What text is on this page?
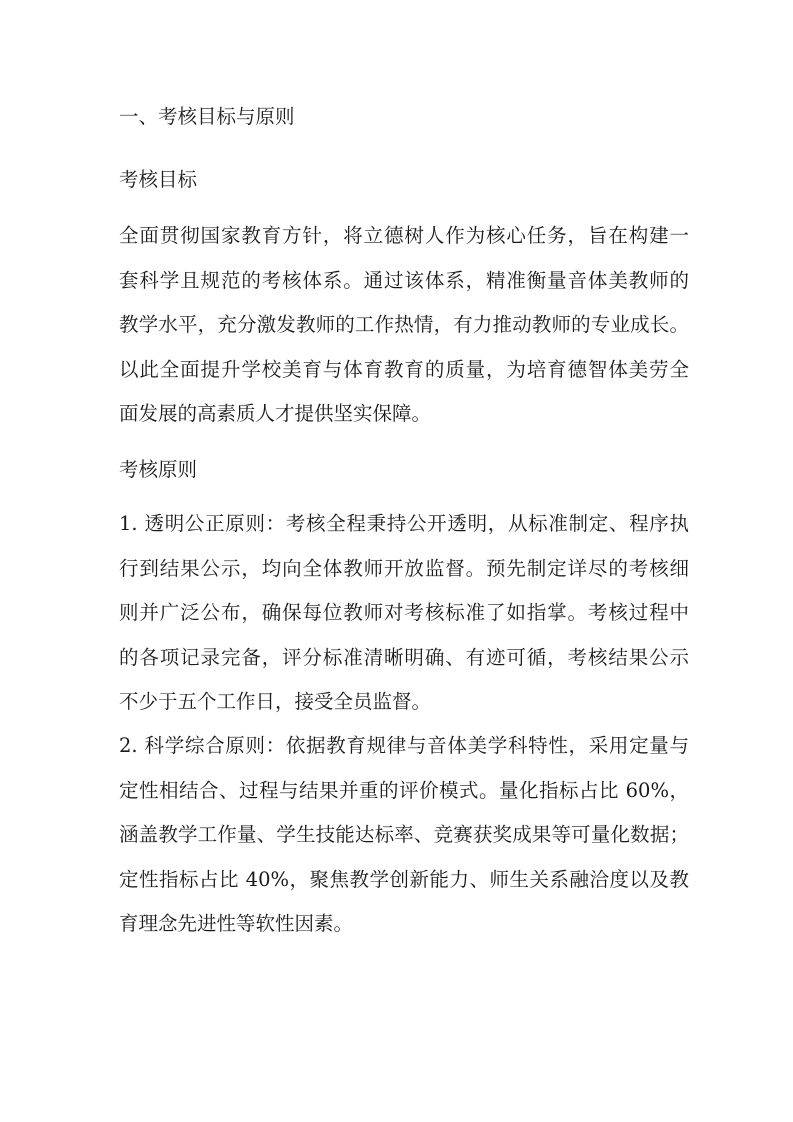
一、考核目标与原则
考核目标
全面贯彻国家教育方针，将立德树人作为核心任务，旨在构建一
套科学且规范的考核体系。通过该体系，精准衡量音体美教师的
教学水平，充分激发教师的工作热情，有力推动教师的专业成长。
以此全面提升学校美育与体育教育的质量，为培育德智体美劳全
面发展的高素质人才提供坚实保障。
考核原则
1. 透明公正原则：考核全程秉持公开透明，从标准制定、程序执
行到结果公示，均向全体教师开放监督。预先制定详尽的考核细
则并广泛公布，确保每位教师对考核标准了如指掌。考核过程中
的各项记录完备，评分标准清晰明确、有迹可循，考核结果公示
不少于五个工作日，接受全员监督。
2. 科学综合原则：依据教育规律与音体美学科特性，采用定量与
定性相结合、过程与结果并重的评价模式。量化指标占比 60%，
涵盖教学工作量、学生技能达标率、竞赛获奖成果等可量化数据；
定性指标占比 40%，聚焦教学创新能力、师生关系融洽度以及教
育理念先进性等软性因素。
